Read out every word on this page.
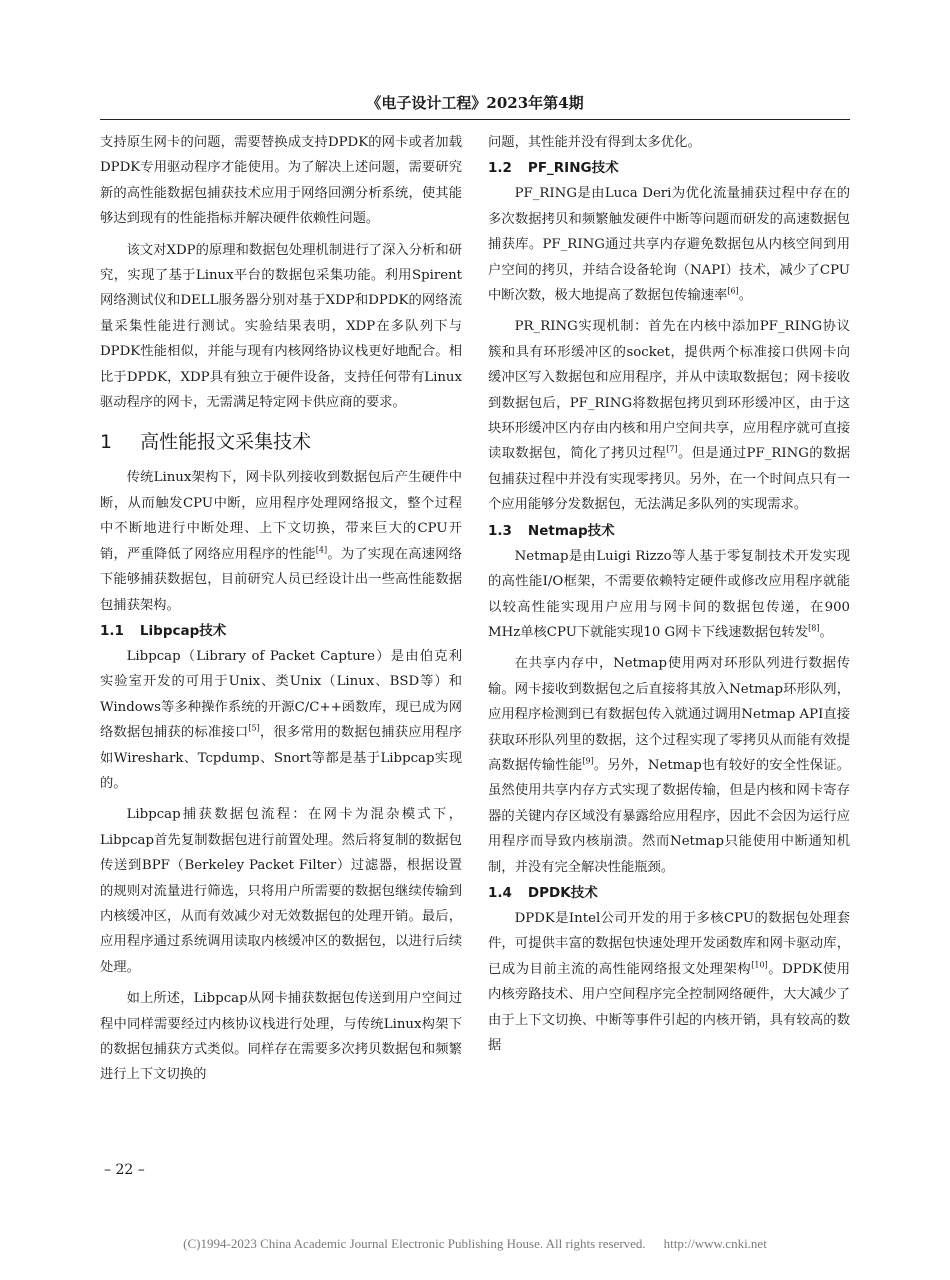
《电子设计工程》2023年第4期

支持原生网卡的问题，需要替换成支持DPDK的网卡或者加载DPDK专用驱动程序才能使用。为了解决上述问题，需要研究新的高性能数据包捕获技术应用于网络回溯分析系统，使其能够达到现有的性能指标并解决硬件依赖性问题。

该文对XDP的原理和数据包处理机制进行了深入分析和研究，实现了基于Linux平台的数据包采集功能。利用Spirent网络测试仪和DELL服务器分别对基于XDP和DPDK的网络流量采集性能进行测试。实验结果表明，XDP在多队列下与DPDK性能相似，并能与现有内核网络协议栈更好地配合。相比于DPDK，XDP具有独立于硬件设备，支持任何带有Linux驱动程序的网卡，无需满足特定网卡供应商的要求。

1 高性能报文采集技术

传统Linux架构下，网卡队列接收到数据包后产生硬件中断，从而触发CPU中断，应用程序处理网络报文，整个过程中不断地进行中断处理、上下文切换，带来巨大的CPU开销，严重降低了网络应用程序的性能[4]。为了实现在高速网络下能够捕获数据包，目前研究人员已经设计出一些高性能数据包捕获架构。

1.1 Libpcap技术

Libpcap（Library of Packet Capture）是由伯克利实验室开发的可用于Unix、类Unix（Linux、BSD等）和Windows等多种操作系统的开源C/C++函数库，现已成为网络数据包捕获的标准接口[5]，很多常用的数据包捕获应用程序如Wireshark、Tcpdump、Snort等都是基于Libpcap实现的。

Libpcap捕获数据包流程：在网卡为混杂模式下，Libpcap首先复制数据包进行前置处理。然后将复制的数据包传送到BPF（Berkeley Packet Filter）过滤器，根据设置的规则对流量进行筛选，只将用户所需要的数据包继续传输到内核缓冲区，从而有效减少对无效数据包的处理开销。最后，应用程序通过系统调用读取内核缓冲区的数据包，以进行后续处理。

如上所述，Libpcap从网卡捕获数据包传送到用户空间过程中同样需要经过内核协议栈进行处理，与传统Linux构架下的数据包捕获方式类似。同样存在需要多次拷贝数据包和频繁进行上下文切换的

问题，其性能并没有得到太多优化。

1.2 PF_RING技术

PF_RING是由Luca Deri为优化流量捕获过程中存在的多次数据拷贝和频繁触发硬件中断等问题而研发的高速数据包捕获库。PF_RING通过共享内存避免数据包从内核空间到用户空间的拷贝，并结合设备轮询（NAPI）技术，减少了CPU中断次数，极大地提高了数据包传输速率[6]。

PR_RING实现机制：首先在内核中添加PF_RING协议簇和具有环形缓冲区的socket，提供两个标准接口供网卡向缓冲区写入数据包和应用程序，并从中读取数据包；网卡接收到数据包后，PF_RING将数据包拷贝到环形缓冲区，由于这块环形缓冲区内存由内核和用户空间共享，应用程序就可直接读取数据包，简化了拷贝过程[7]。但是通过PF_RING的数据包捕获过程中并没有实现零拷贝。另外，在一个时间点只有一个应用能够分发数据包，无法满足多队列的实现需求。

1.3 Netmap技术

Netmap是由Luigi Rizzo等人基于零复制技术开发实现的高性能I/O框架，不需要依赖特定硬件或修改应用程序就能以较高性能实现用户应用与网卡间的数据包传递，在900 MHz单核CPU下就能实现10 G网卡下线速数据包转发[8]。

在共享内存中，Netmap使用两对环形队列进行数据传输。网卡接收到数据包之后直接将其放入Netmap环形队列，应用程序检测到已有数据包传入就通过调用Netmap API直接获取环形队列里的数据，这个过程实现了零拷贝从而能有效提高数据传输性能[9]。另外，Netmap也有较好的安全性保证。虽然使用共享内存方式实现了数据传输，但是内核和网卡寄存器的关键内存区域没有暴露给应用程序，因此不会因为运行应用程序而导致内核崩溃。然而Netmap只能使用中断通知机制，并没有完全解决性能瓶颈。

1.4 DPDK技术

DPDK是Intel公司开发的用于多核CPU的数据包处理套件，可提供丰富的数据包快速处理开发函数库和网卡驱动库，已成为目前主流的高性能网络报文处理架构[10]。DPDK使用内核旁路技术、用户空间程序完全控制网络硬件，大大减少了由于上下文切换、中断等事件引起的内核开销，具有较高的数据

– 22 –
(C)1994-2023 China Academic Journal Electronic Publishing House. All rights reserved. http://www.cnki.net
